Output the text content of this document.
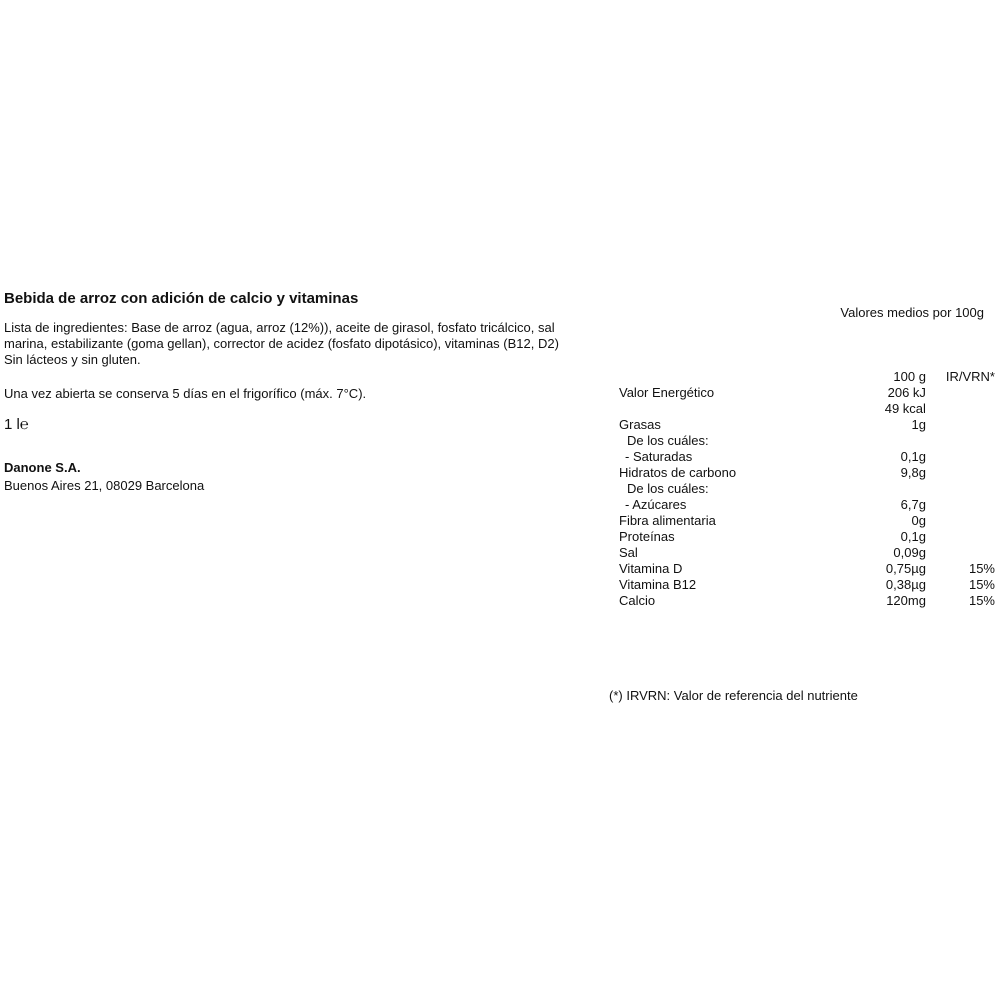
Bebida de arroz con adición de calcio y vitaminas

Lista de ingredientes: Base de arroz (agua, arroz (12%)), aceite de girasol, fosfato tricálcico, sal marina, estabilizante (goma gellan), corrector de acidez (fosfato dipotásico), vitaminas (B12, D2) Sin lácteos y sin gluten.

Una vez abierta se conserva 5 días en el frigorífico (máx. 7°C).
1 l℮
Danone S.A.
Buenos Aires 21, 08029 Barcelona
Valores medios por 100g
	100 g	IR/VRN*
Valor Energético	206 kJ	
	49 kcal	
Grasas	1g	
De los cuáles:		
- Saturadas	0,1g	
Hidratos de carbono	9,8g	
De los cuáles:		
- Azúcares	6,7g	
Fibra alimentaria	0g	
Proteínas	0,1g	
Sal	0,09g	
Vitamina D	0,75µg	15%
Vitamina B12	0,38µg	15%
Calcio	120mg	15%
(*) IRVRN: Valor de referencia del nutriente
